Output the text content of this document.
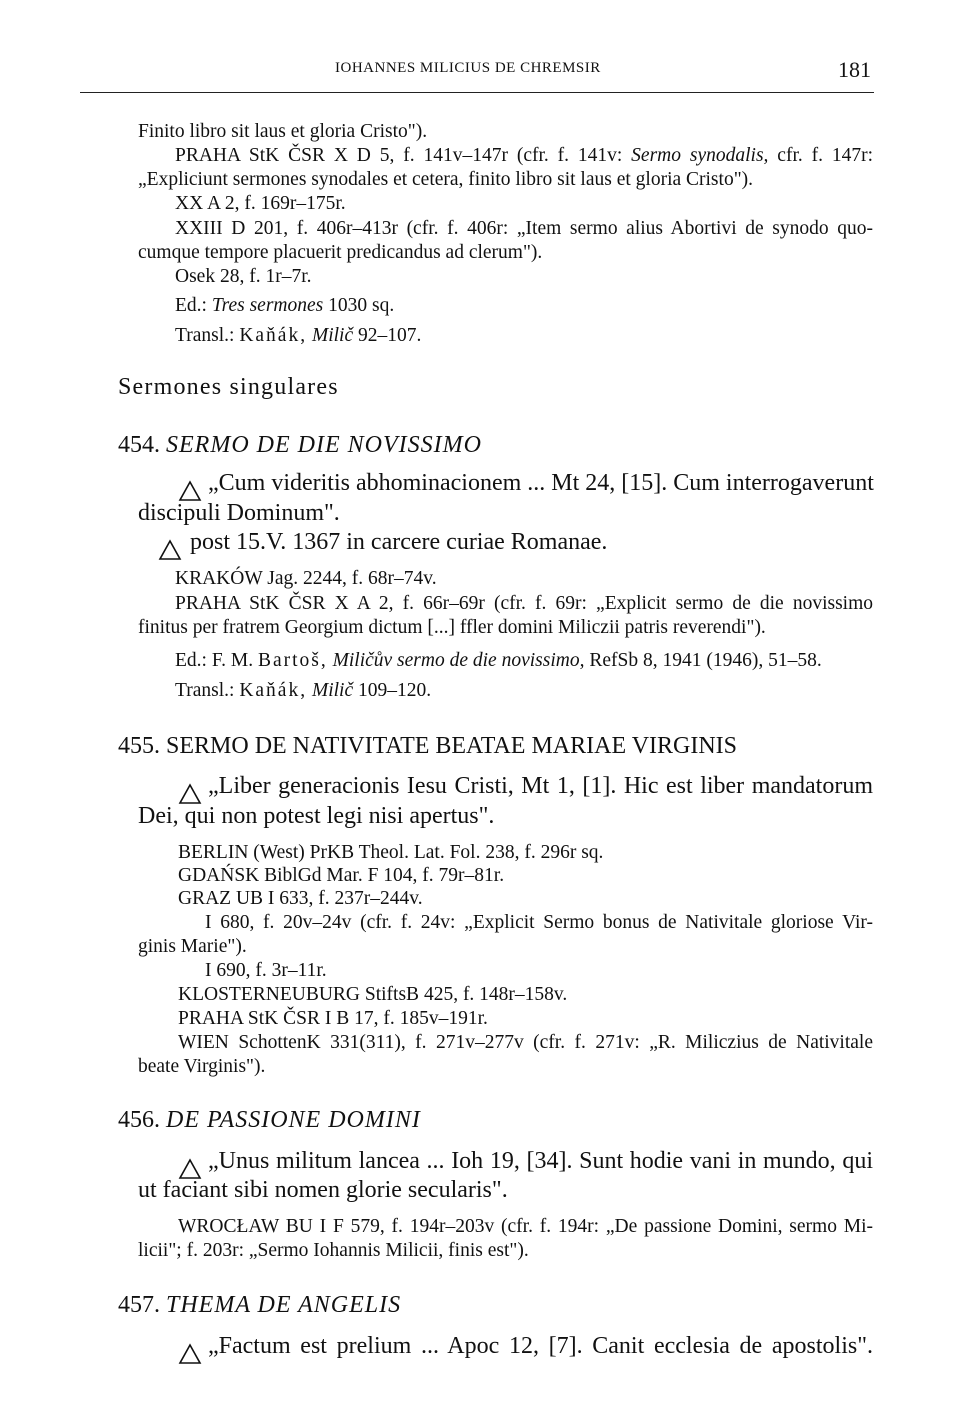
IOHANNES MILICIUS DE CHREMSIR	181
Finito libro sit laus et gloria Cristo").
PRAHA StK ČSR X D 5, f. 141v–147r (cfr. f. 141v: Sermo synodalis, cfr. f. 147r:
„Expliciunt sermones synodales et cetera, finito libro sit laus et gloria Cristo").
XX A 2, f. 169r–175r.
XXIII D 201, f. 406r–413r (cfr. f. 406r: „Item sermo alius Abortivi de synodo quo-
cumque tempore placuerit predicandus ad clerum").
Osek 28, f. 1r–7r.
Ed.: Tres sermones 1030 sq.
Transl.: Kaňák, Milič 92–107.
Sermones singulares
454. SERMO DE DIE NOVISSIMO
„Cum videritis abhominacionem ... Mt 24, [15]. Cum interrogaverunt
discipuli Dominum".
post 15.V. 1367 in carcere curiae Romanae.
KRAKÓW Jag. 2244, f. 68r–74v.
PRAHA StK ČSR X A 2, f. 66r–69r (cfr. f. 69r: „Explicit sermo de die novissimo
finitus per fratrem Georgium dictum [...] ffler domini Miliczii patris reverendi").
Ed.: F. M. Bartoš, Miličův sermo de die novissimo, RefSb 8, 1941 (1946), 51–58.
Transl.: Kaňák, Milič 109–120.
455. SERMO DE NATIVITATE BEATAE MARIAE VIRGINIS
„Liber generacionis Iesu Cristi, Mt 1, [1]. Hic est liber mandatorum
Dei, qui non potest legi nisi apertus".
BERLIN (West) PrKB Theol. Lat. Fol. 238, f. 296r sq.
GDAŃSK BiblGd Mar. F 104, f. 79r–81r.
GRAZ UB I 633, f. 237r–244v.
I 680, f. 20v–24v (cfr. f. 24v: „Explicit Sermo bonus de Nativitale gloriose Vir-
ginis Marie").
I 690, f. 3r–11r.
KLOSTERNEUBURG StiftsB 425, f. 148r–158v.
PRAHA StK ČSR I B 17, f. 185v–191r.
WIEN SchottenK 331(311), f. 271v–277v (cfr. f. 271v: „R. Miliczius de Nativitale
beate Virginis").
456. DE PASSIONE DOMINI
„Unus militum lancea ... Ioh 19, [34]. Sunt hodie vani in mundo, qui
ut faciant sibi nomen glorie secularis".
WROCŁAW BU I F 579, f. 194r–203v (cfr. f. 194r: „De passione Domini, sermo Mi-
licii"; f. 203r: „Sermo Iohannis Milicii, finis est").
457. THEMA DE ANGELIS
„Factum est prelium ... Apoc 12, [7]. Canit ecclesia de apostolis".
